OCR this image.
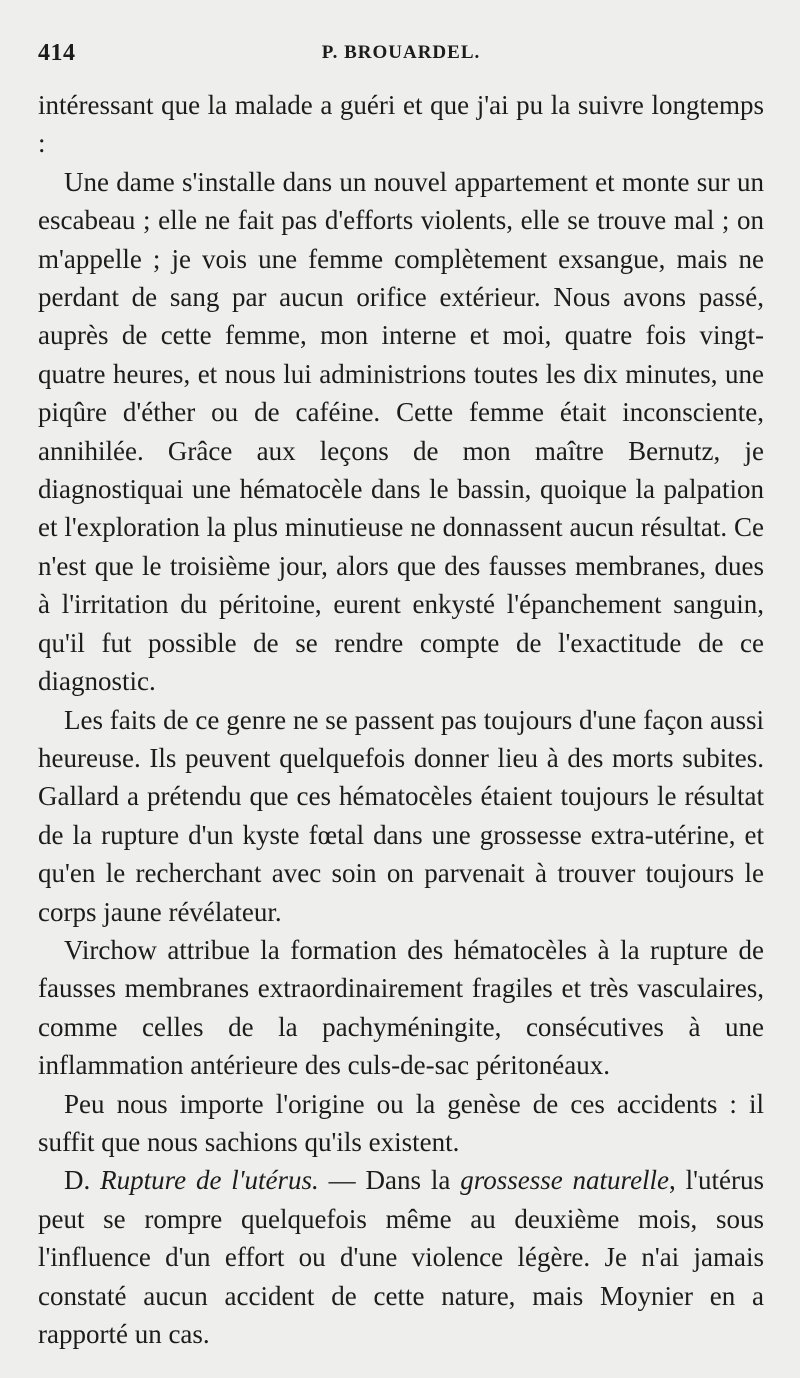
414	P. BROUARDEL.

intéressant que la malade a guéri et que j'ai pu la suivre longtemps :

Une dame s'installe dans un nouvel appartement et monte sur un escabeau ; elle ne fait pas d'efforts violents, elle se trouve mal ; on m'appelle ; je vois une femme complètement exsangue, mais ne perdant de sang par aucun orifice extérieur. Nous avons passé, auprès de cette femme, mon interne et moi, quatre fois vingt-quatre heures, et nous lui administrions toutes les dix minutes, une piqûre d'éther ou de caféine. Cette femme était inconsciente, annihilée. Grâce aux leçons de mon maître Bernutz, je diagnostiquai une hématocèle dans le bassin, quoique la palpation et l'exploration la plus minutieuse ne donnassent aucun résultat. Ce n'est que le troisième jour, alors que des fausses membranes, dues à l'irritation du péritoine, eurent enkysté l'épanchement sanguin, qu'il fut possible de se rendre compte de l'exactitude de ce diagnostic.

Les faits de ce genre ne se passent pas toujours d'une façon aussi heureuse. Ils peuvent quelquefois donner lieu à des morts subites. Gallard a prétendu que ces hématocèles étaient toujours le résultat de la rupture d'un kyste fœtal dans une grossesse extra-utérine, et qu'en le recherchant avec soin on parvenait à trouver toujours le corps jaune révélateur.

Virchow attribue la formation des hématocèles à la rupture de fausses membranes extraordinairement fragiles et très vasculaires, comme celles de la pachyméningite, consécutives à une inflammation antérieure des culs-de-sac péritonéaux.

Peu nous importe l'origine ou la genèse de ces accidents : il suffit que nous sachions qu'ils existent.

D. Rupture de l'utérus. — Dans la grossesse naturelle, l'utérus peut se rompre quelquefois même au deuxième mois, sous l'influence d'un effort ou d'une violence légère. Je n'ai jamais constaté aucun accident de cette nature, mais Moynier en a rapporté un cas.
